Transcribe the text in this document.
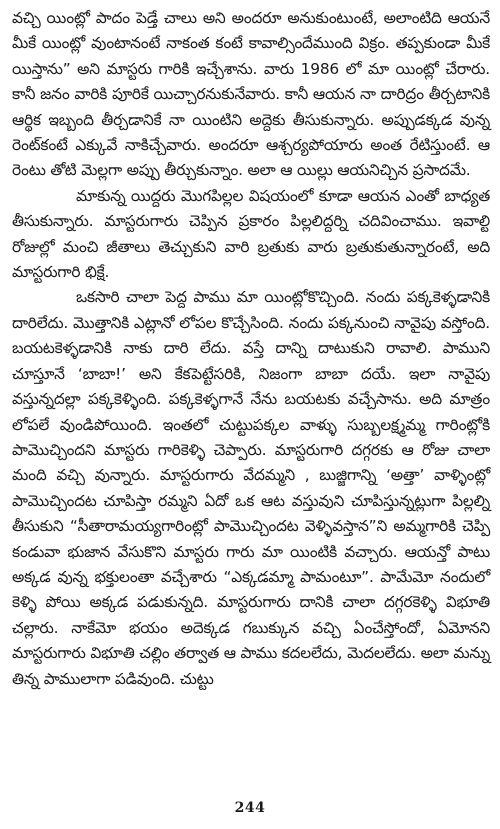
వచ్చి యింట్లో పాదం పెడ్తే చాలు అని అందరూ అనుకుంటుంటే, అలాంటిది ఆయనే మీకే యింట్లో వుంటానంటే నాకంత కంటే కావాల్సిందేముంది విక్రం. తప్పకుండా మీకే యిస్తాను” అని మాస్టరు గారికి ఇచ్చేశాను. వారు 1986 లో మా యింట్లో చేరారు. కానీ జనం వారికి పూరికే యిచ్చారనుకునేవారు. కానీ ఆయన నా దారిద్రం తీర్చటానికి ఆర్థిక ఇబ్బంది తీర్చడానికే నా యింటిని అద్దెకు తీసుకున్నారు. అప్పుడక్కడ వున్న రెంట్‌కంటే ఎక్కువే నాకిచ్చేవారు. అందరూ ఆశ్చర్యపోయారు అంత రేటిస్తుంటే. ఆ రెంటు తోటి మెల్లగా అప్పు తీర్చుకున్నాం. అలా ఆ యిల్లు ఆయనిచ్చిన ప్రసాదమే.

మాకున్న యిద్దరు మొగపిల్లల విషయంలో కూడా ఆయన ఎంతో బాధ్యత తీసుకున్నారు. మాస్టరుగారు చెప్పిన ప్రకారం పిల్లలిద్దర్ని చదివించాము. ఇవాల్టి రోజుల్లో మంచి జీతాలు తెచ్చుకుని వారి బ్రతుకు వారు బ్రతుకుతున్నారంటే, అది మాస్టరుగారి భిక్షే.

ఒకసారి చాలా పెద్ద పాము మా యింట్లోకొచ్చింది. నందు పక్కకెళ్ళడానికి దారిలేదు. మొత్తానికి ఎట్లానో లోపల కొచ్చేసింది. నందు పక్కనుంచి నావైపు వస్తోంది. బయటకెళ్ళడానికి నాకు దారి లేదు. వస్తే దాన్ని దాటుకుని రావాలి. పాముని చూస్తూనే ‘బాబా!’ అని కేకపెట్టేసరికి, నిజంగా బాబా దయే. ఇలా నావైపు వస్తున్నదల్లా పక్కకెళ్ళింది. పక్కకెళ్ళగానే నేను బయటకు వచ్చేసాను. అది మాత్రం లోపలే వుండిపోయింది. ఇంతలో చుట్టుపక్కల వాళ్ళు సుబ్బలక్ష్మమ్మ గారింట్లోకి పామొచ్చిందని మాస్టరు గారికెళ్ళి చెప్పారు. మాస్టరుగారి దగ్గరకు ఆ రోజు చాలా మంది వచ్చి వున్నారు. మాస్టరుగారు వేదమ్మని , బుజ్జిగాన్ని ‘అత్తా’ వాళ్ళింట్లో పామొచ్చిందట చూపిస్తా రమ్మని ఏదో ఒక ఆట వస్తువుని చూపిస్తున్నట్లుగా పిల్లల్ని తీసుకుని “సీతారామయ్యగారింట్లో పామొచ్చిందట వెళ్ళివస్తాన”ని అమ్మగారికి చెప్పి కండువా భుజాన వేసుకొని మాస్టరు గారు మా యింటికి వచ్చారు. ఆయన్తో పాటు అక్కడ వున్న భక్తులంతా వచ్చేశారు “ఎక్కడమ్మా పామంటూ”. పామేమో నందులో కెళ్ళి పోయి అక్కడ పడుకున్నది. మాస్టరుగారు దానికి చాలా దగ్గరకెళ్ళి విభూతి చల్లారు. నాకేమో భయం అదెక్కడ గబుక్కున వచ్చి ఏంచేస్తోందో, ఏమోనని మాస్టరుగారు విభూతి చల్లిం తర్వాత ఆ పాము కదలలేదు, మెదలలేదు. అలా మన్ను తిన్న పాములాగా పడివుంది. చుట్టు

244
